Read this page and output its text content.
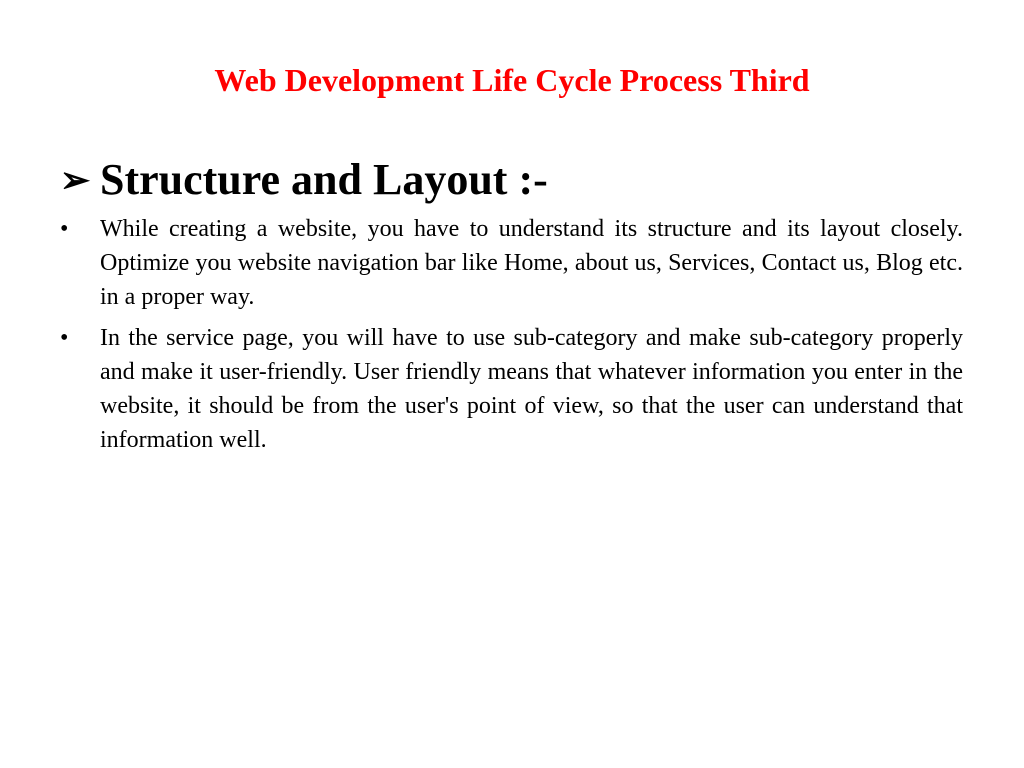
Web Development Life Cycle Process Third
➢ Structure and Layout :-
•	While creating a website, you have to understand its structure and its layout closely. Optimize you website navigation bar like Home, about us, Services, Contact us, Blog etc. in a proper way.
•	In the service page, you will have to use sub-category and make sub-category properly and make it user-friendly. User friendly means that whatever information you enter in the website, it should be from the user's point of view, so that the user can understand that information well.
